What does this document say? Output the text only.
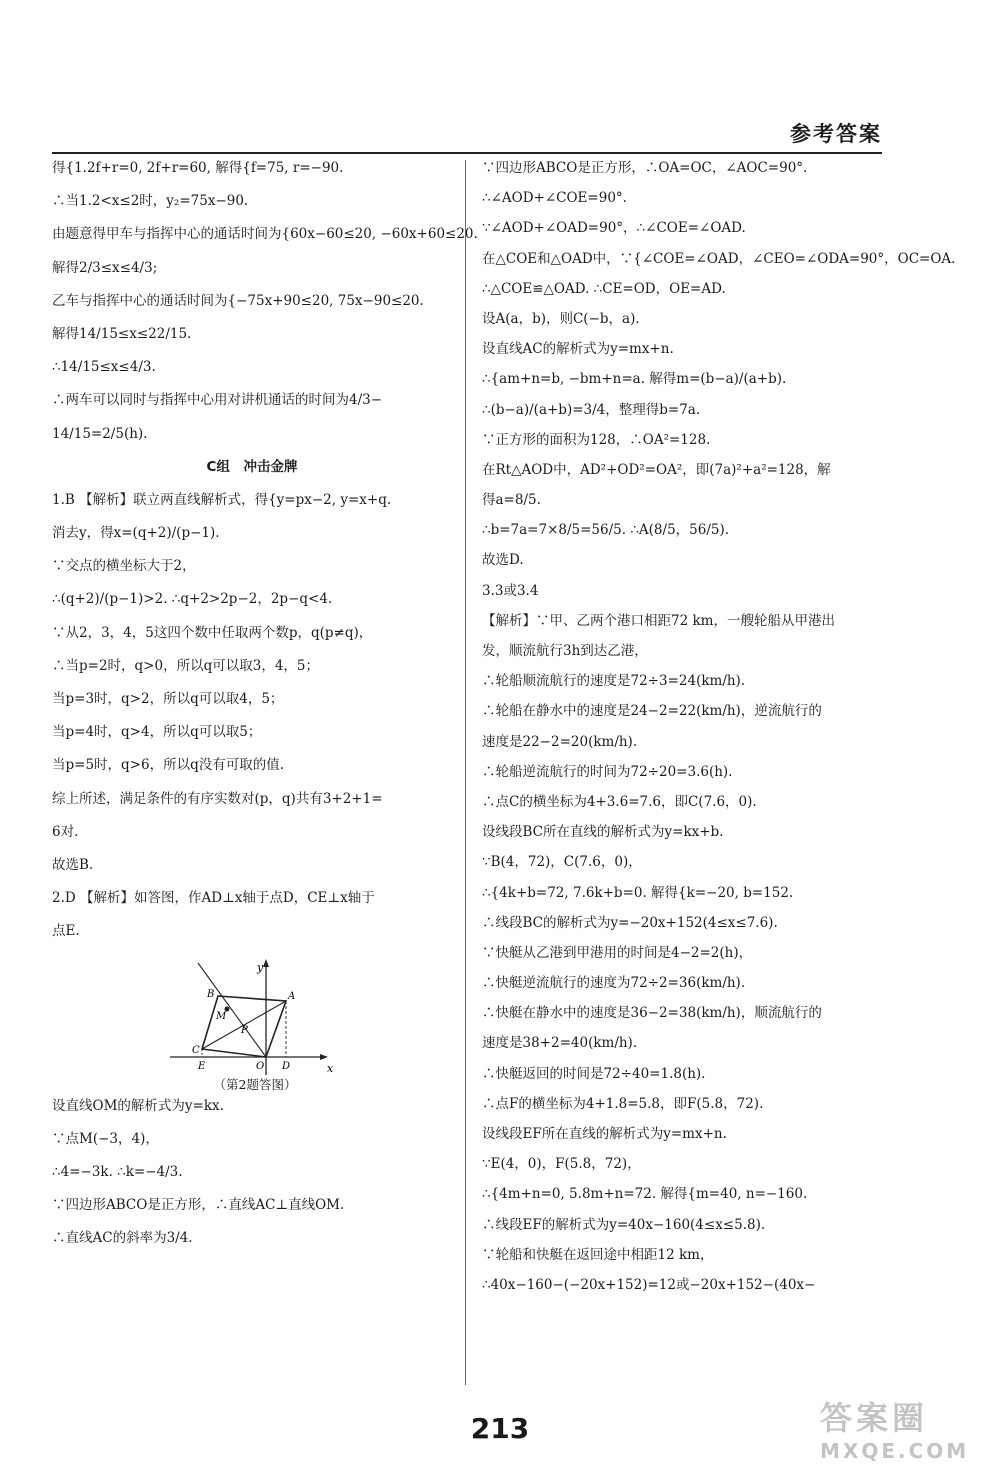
参考答案
得{1.2f+r=0, 2f+r=60, 解得{f=75, r=−90.
∴当1.2<x≤2时，y₂=75x−90.
由题意得甲车与指挥中心的通话时间为{60x−60≤20, −60x+60≤20.
解得2/3≤x≤4/3;
乙车与指挥中心的通话时间为{−75x+90≤20, 75x−90≤20.
解得14/15≤x≤22/15.
∴14/15≤x≤4/3.
∴两车可以同时与指挥中心用对讲机通话的时间为4/3−
14/15=2/5(h).
C组　冲击金牌
1.B 【解析】联立两直线解析式，得{y=px−2, y=x+q.
消去y，得x=(q+2)/(p−1).
∵交点的横坐标大于2，
∴(q+2)/(p−1)>2. ∴q+2>2p−2，2p−q<4.
∵从2，3，4，5这四个数中任取两个数p，q(p≠q)，
∴当p=2时，q>0，所以q可以取3，4，5；
当p=3时，q>2，所以q可以取4，5；
当p=4时，q>4，所以q可以取5；
当p=5时，q>6，所以q没有可取的值.
综上所述，满足条件的有序实数对(p，q)共有3+2+1=
6对.
故选B.
2.D 【解析】如答图，作AD⊥x轴于点D，CE⊥x轴于
点E.
y
x
B	A
M
P
C
E	O D
（第2题答图）
设直线OM的解析式为y=kx.
∵点M(−3，4)，
∴4=−3k. ∴k=−4/3.
∵四边形ABCO是正方形，∴直线AC⊥直线OM.
∴直线AC的斜率为3/4.
∵四边形ABCO是正方形，∴OA=OC，∠AOC=90°.
∴∠AOD+∠COE=90°.
∵∠AOD+∠OAD=90°，∴∠COE=∠OAD.
在△COE和△OAD中，∵{∠COE=∠OAD，∠CEO=∠ODA=90°，OC=OA.
∴△COE≌△OAD. ∴CE=OD，OE=AD.
设A(a，b)，则C(−b，a).
设直线AC的解析式为y=mx+n.
∴{am+n=b, −bm+n=a. 解得m=(b−a)/(a+b).
∴(b−a)/(a+b)=3/4，整理得b=7a.
∵正方形的面积为128，∴OA²=128.
在Rt△AOD中，AD²+OD²=OA²，即(7a)²+a²=128，解
得a=8/5.
∴b=7a=7×8/5=56/5. ∴A(8/5，56/5).
故选D.
3.3或3.4
【解析】∵甲、乙两个港口相距72 km，一艘轮船从甲港出
发，顺流航行3h到达乙港，
∴轮船顺流航行的速度是72÷3=24(km/h).
∴轮船在静水中的速度是24−2=22(km/h)，逆流航行的
速度是22−2=20(km/h).
∴轮船逆流航行的时间为72÷20=3.6(h).
∴点C的横坐标为4+3.6=7.6，即C(7.6，0).
设线段BC所在直线的解析式为y=kx+b.
∵B(4，72)，C(7.6，0)，
∴{4k+b=72, 7.6k+b=0. 解得{k=−20, b=152.
∴线段BC的解析式为y=−20x+152(4≤x≤7.6).
∵快艇从乙港到甲港用的时间是4−2=2(h)，
∴快艇逆流航行的速度为72÷2=36(km/h).
∴快艇在静水中的速度是36−2=38(km/h)，顺流航行的
速度是38+2=40(km/h).
∴快艇返回的时间是72÷40=1.8(h).
∴点F的横坐标为4+1.8=5.8，即F(5.8，72).
设线段EF所在直线的解析式为y=mx+n.
∵E(4，0)，F(5.8，72)，
∴{4m+n=0, 5.8m+n=72. 解得{m=40, n=−160.
∴线段EF的解析式为y=40x−160(4≤x≤5.8).
∵轮船和快艇在返回途中相距12 km，
∴40x−160−(−20x+152)=12或−20x+152−(40x−
213	答案圈
MXQE.COM
